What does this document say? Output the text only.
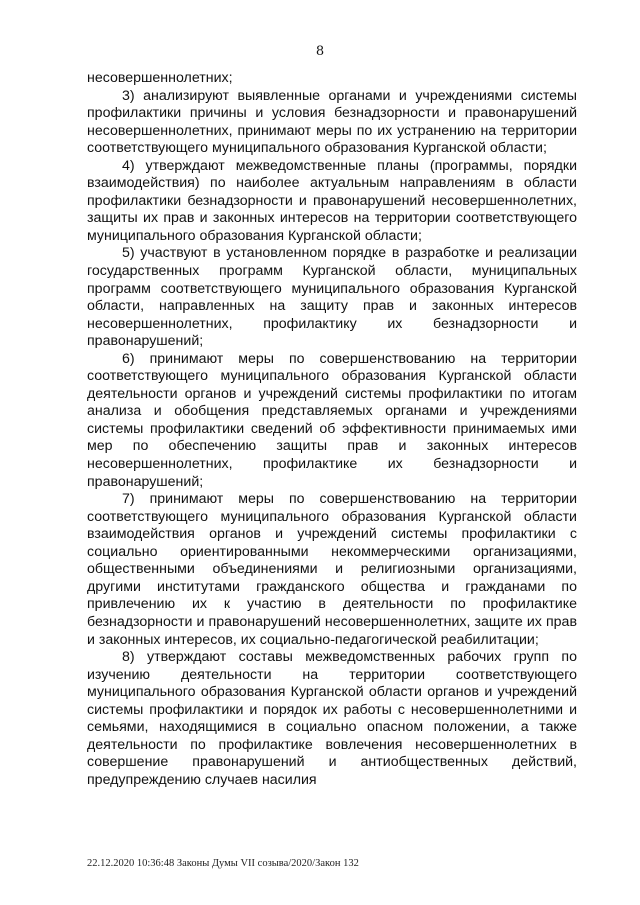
8

несовершеннолетних;

3) анализируют выявленные органами и учреждениями системы профилактики причины и условия безнадзорности и правонарушений несовершеннолетних, принимают меры по их устранению на территории соответствующего муниципального образования Курганской области;

4) утверждают межведомственные планы (программы, порядки взаимодействия) по наиболее актуальным направлениям в области профилактики безнадзорности и правонарушений несовершеннолетних, защиты их прав и законных интересов на территории соответствующего муниципального образования Курганской области;

5) участвуют в установленном порядке в разработке и реализации государственных программ Курганской области, муниципальных программ соответствующего муниципального образования Курганской области, направленных на защиту прав и законных интересов несовершеннолетних, профилактику их безнадзорности и правонарушений;

6) принимают меры по совершенствованию на территории соответствующего муниципального образования Курганской области деятельности органов и учреждений системы профилактики по итогам анализа и обобщения представляемых органами и учреждениями системы профилактики сведений об эффективности принимаемых ими мер по обеспечению защиты прав и законных интересов несовершеннолетних, профилактике их безнадзорности и правонарушений;

7) принимают меры по совершенствованию на территории соответствующего муниципального образования Курганской области взаимодействия органов и учреждений системы профилактики с социально ориентированными некоммерческими организациями, общественными объединениями и религиозными организациями, другими институтами гражданского общества и гражданами по привлечению их к участию в деятельности по профилактике безнадзорности и правонарушений несовершеннолетних, защите их прав и законных интересов, их социально-педагогической реабилитации;

8) утверждают составы межведомственных рабочих групп по изучению деятельности на территории соответствующего муниципального образования Курганской области органов и учреждений системы профилактики и порядок их работы с несовершеннолетними и семьями, находящимися в социально опасном положении, а также деятельности по профилактике вовлечения несовершеннолетних в совершение правонарушений и антиобщественных действий, предупреждению случаев насилия

22.12.2020 10:36:48 Законы Думы VII созыва/2020/Закон 132
